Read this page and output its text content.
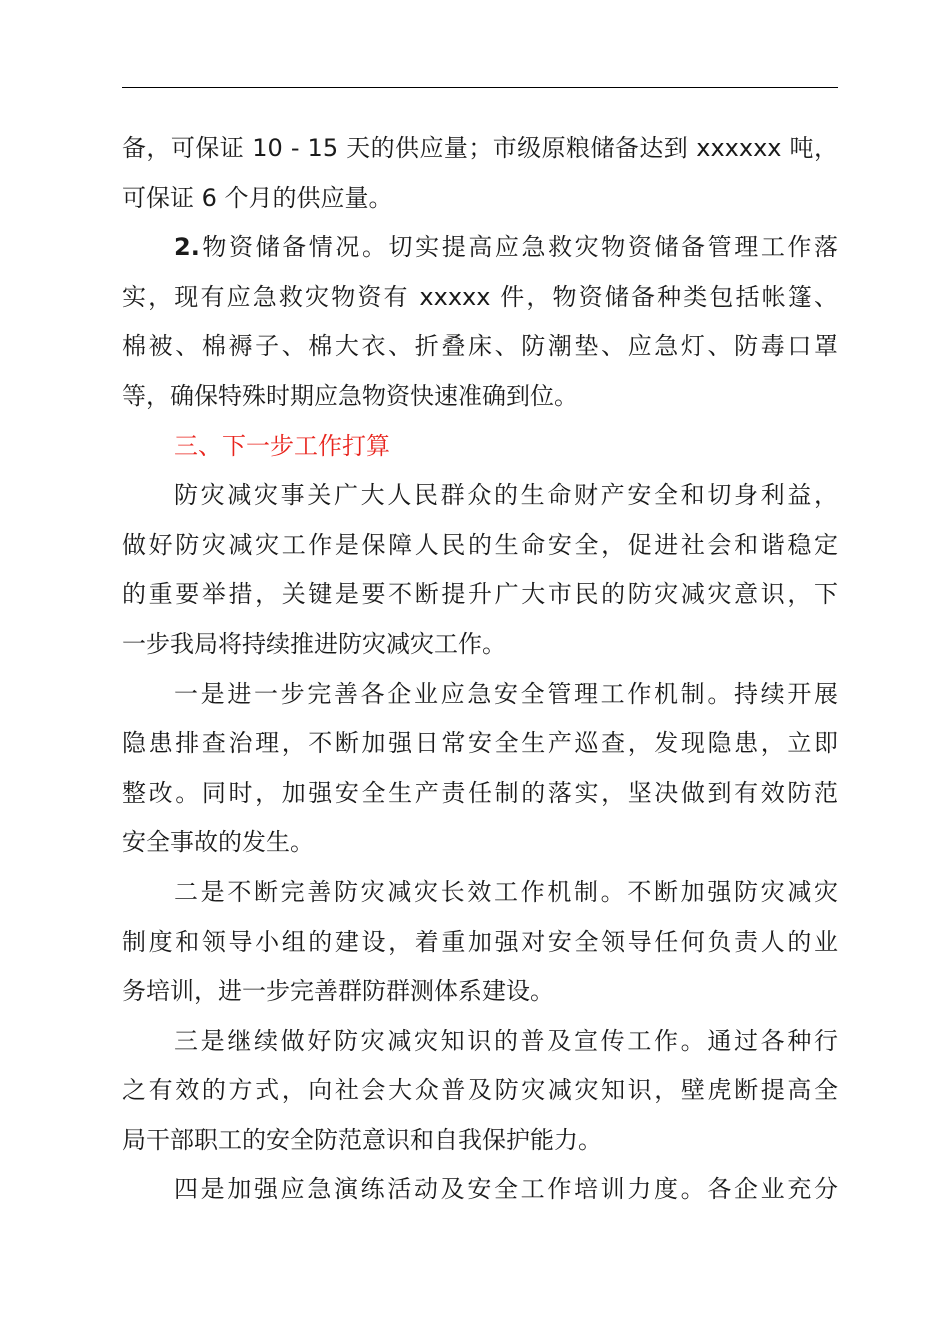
备，可保证 10 - 15 天的供应量；市级原粮储备达到 xxxxxx 吨，
可保证 6 个月的供应量。
2.物资储备情况。切实提高应急救灾物资储备管理工作落
实，现有应急救灾物资有 xxxxx 件，物资储备种类包括帐篷、
棉被、棉褥子、棉大衣、折叠床、防潮垫、应急灯、防毒口罩
等，确保特殊时期应急物资快速准确到位。
三、下一步工作打算
防灾减灾事关广大人民群众的生命财产安全和切身利益，
做好防灾减灾工作是保障人民的生命安全，促进社会和谐稳定
的重要举措，关键是要不断提升广大市民的防灾减灾意识，下
一步我局将持续推进防灾减灾工作。
一是进一步完善各企业应急安全管理工作机制。持续开展
隐患排查治理，不断加强日常安全生产巡查，发现隐患，立即
整改。同时，加强安全生产责任制的落实，坚决做到有效防范
安全事故的发生。
二是不断完善防灾减灾长效工作机制。不断加强防灾减灾
制度和领导小组的建设，着重加强对安全领导任何负责人的业
务培训，进一步完善群防群测体系建设。
三是继续做好防灾减灾知识的普及宣传工作。通过各种行
之有效的方式，向社会大众普及防灾减灾知识，壁虎断提高全
局干部职工的安全防范意识和自我保护能力。
四是加强应急演练活动及安全工作培训力度。各企业充分
